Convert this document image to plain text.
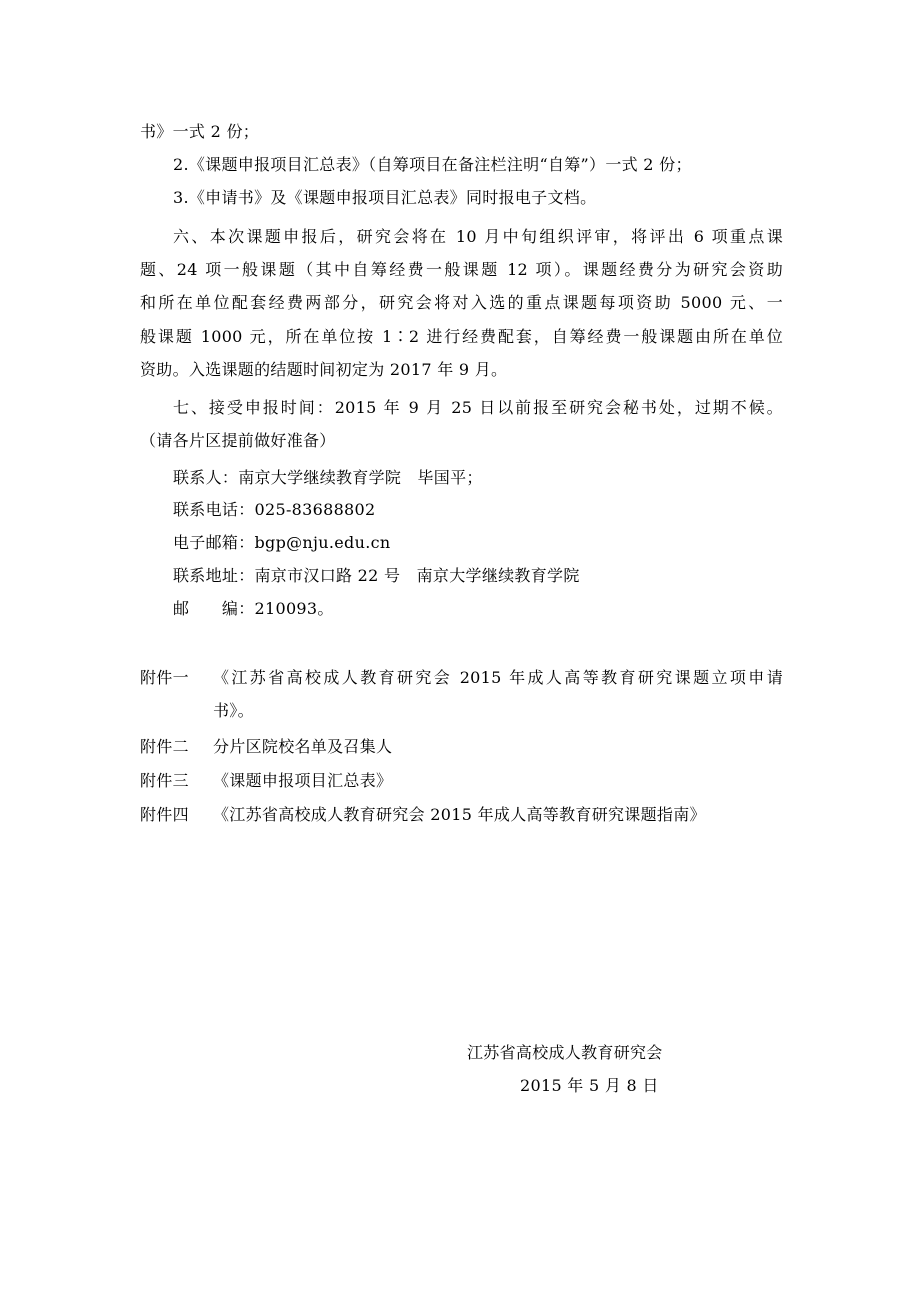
书》一式 2 份；
2.《课题申报项目汇总表》（自筹项目在备注栏注明“自筹”）一式 2 份；
3.《申请书》及《课题申报项目汇总表》同时报电子文档。
六、本次课题申报后，研究会将在 10 月中旬组织评审，将评出 6 项重点课
题、24 项一般课题（其中自筹经费一般课题 12 项）。课题经费分为研究会资助
和所在单位配套经费两部分，研究会将对入选的重点课题每项资助 5000 元、一
般课题 1000 元，所在单位按 1∶2 进行经费配套，自筹经费一般课题由所在单位
资助。入选课题的结题时间初定为 2017 年 9 月。
七、接受申报时间：2015 年 9 月 25 日以前报至研究会秘书处，过期不候。
（请各片区提前做好准备）
联系人：南京大学继续教育学院　毕国平；
联系电话：025-83688802
电子邮箱：bgp@nju.edu.cn
联系地址：南京市汉口路 22 号　南京大学继续教育学院
邮　　编：210093。
附件一 《江苏省高校成人教育研究会 2015 年成人高等教育研究课题立项申请
书》。
附件二 分片区院校名单及召集人
附件三 《课题申报项目汇总表》
附件四 《江苏省高校成人教育研究会 2015 年成人高等教育研究课题指南》
江苏省高校成人教育研究会
2015 年 5 月 8 日
